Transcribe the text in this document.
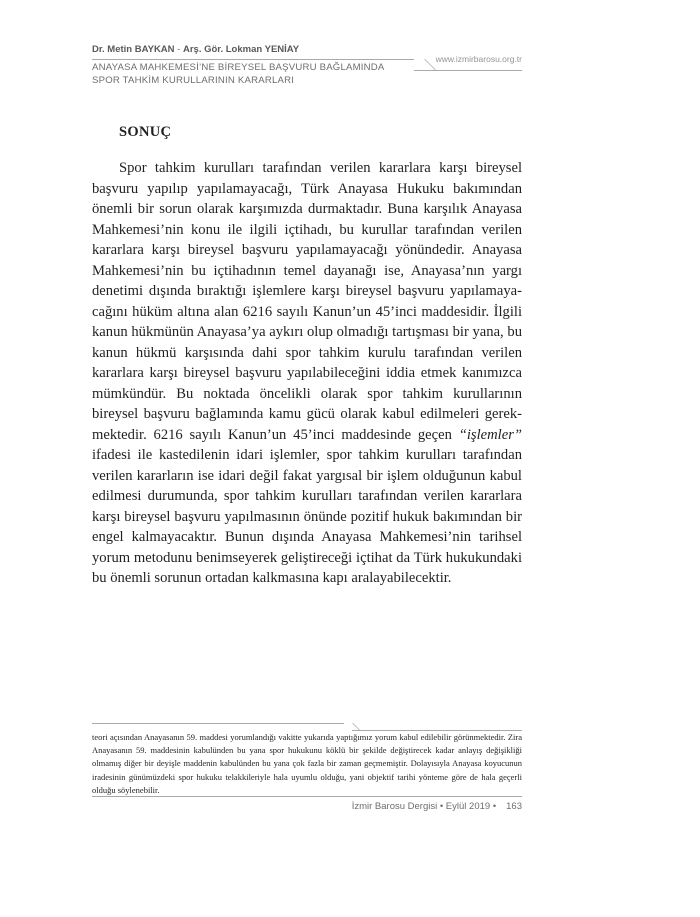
Dr. Metin BAYKAN - Arş. Gör. Lokman YENİAY
ANAYASA MAHKEMESİ’NE BİREYSEL BAŞVURU BAĞLAMINDA
SPOR TAHKİM KURULLARININ KARARLARI
www.izmirbarosu.org.tr
SONUÇ

Spor tahkim kurulları tarafından verilen kararlara karşı bireysel başvuru yapılıp yapılamayacağı, Türk Anayasa Hukuku bakımından önemli bir sorun olarak karşımızda durmaktadır. Buna karşılık Anayasa Mahkemesi’nin konu ile ilgili içtihadı, bu kurullar tarafından verilen kararlara karşı bireysel başvuru yapılamayacağı yönündedir. Anayasa Mahkemesi’nin bu içtihadının temel dayanağı ise, Anayasa’nın yargı denetimi dışında bıraktığı işlemlere karşı bireysel başvuru yapılamayacağını hüküm altına alan 6216 sayılı Kanun’un 45’inci maddesidir. İlgili kanun hükmünün Anayasa’ya aykırı olup olmadığı tartışması bir yana, bu kanun hükmü karşısında dahi spor tahkim kurulu tarafından verilen kararlara karşı bireysel başvuru yapılabileceğini iddia etmek kanımızca mümkündür. Bu noktada öncelikli olarak spor tahkim kurullarının bireysel başvuru bağlamında kamu gücü olarak kabul edilmeleri gerekmektedir. 6216 sayılı Kanun’un 45’inci maddesinde geçen “işlemler” ifadesi ile kastedilenin idari işlemler, spor tahkim kurulları tarafından verilen kararların ise idari değil fakat yargısal bir işlem olduğunun kabul edilmesi durumunda, spor tahkim kurulları tarafından verilen kararlara karşı bireysel başvuru yapılmasının önünde pozitif hukuk bakımından bir engel kalmayacaktır. Bunun dışında Anayasa Mahkemesi’nin tarihsel yorum metodunu benimseyerek geliştireceği içtihat da Türk hukukundaki bu önemli sorunun ortadan kalkmasına kapı aralayabilecektir.

teori açısından Anayasanın 59. maddesi yorumlandığı vakitte yukarıda yaptığımız yorum kabul edilebilir görünmektedir. Zira Anayasanın 59. maddesinin kabulünden bu yana spor hukukunu köklü bir şekilde değiştirecek kadar anlayış değişikliği olmamış diğer bir deyişle maddenin kabulünden bu yana çok fazla bir zaman geçmemiştir. Dolayısıyla Anayasa koyucunun iradesinin günümüzdeki spor hukuku telakkileriyle hala uyumlu olduğu, yani objektif tarihi yönteme göre de hala geçerli olduğu söylenebilir.

İzmir Barosu Dergisi • Eylül 2019 • 163
